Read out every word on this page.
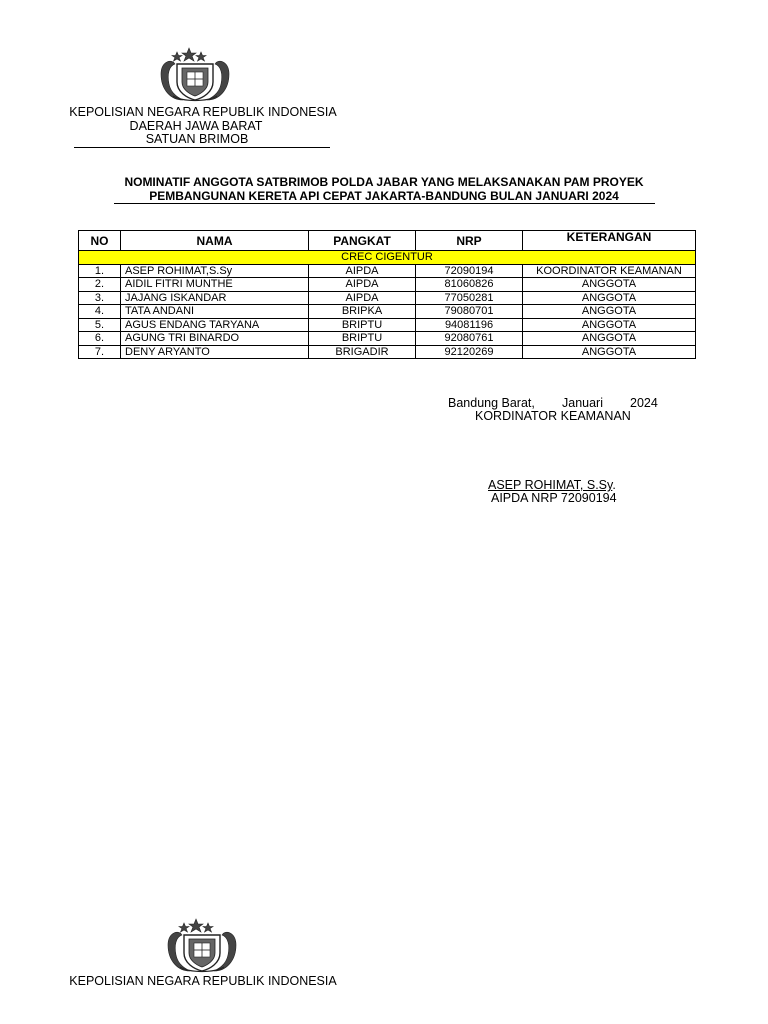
KEPOLISIAN NEGARA REPUBLIK INDONESIA
DAERAH JAWA BARAT
SATUAN BRIMOB
NOMINATIF ANGGOTA SATBRIMOB POLDA JABAR YANG MELAKSANAKAN PAM PROYEK
PEMBANGUNAN KERETA API CEPAT JAKARTA-BANDUNG BULAN JANUARI 2024
NO	NAMA	PANGKAT	NRP	KETERANGAN
CREC CIGENTUR				
1.	ASEP ROHIMAT,S.Sy	AIPDA	72090194	KOORDINATOR KEAMANAN
2.	AIDIL FITRI MUNTHE	AIPDA	81060826	ANGGOTA
3.	JAJANG ISKANDAR	AIPDA	77050281	ANGGOTA
4.	TATA ANDANI	BRIPKA	79080701	ANGGOTA
5.	AGUS ENDANG TARYANA	BRIPTU	94081196	ANGGOTA
6.	AGUNG TRI BINARDO	BRIPTU	92080761	ANGGOTA
7.	DENY ARYANTO	BRIGADIR	92120269	ANGGOTA
Bandung Barat, Januari 2024
KORDINATOR KEAMANAN
ASEP ROHIMAT, S.Sy.
AIPDA NRP 72090194
KEPOLISIAN NEGARA REPUBLIK INDONESIA
